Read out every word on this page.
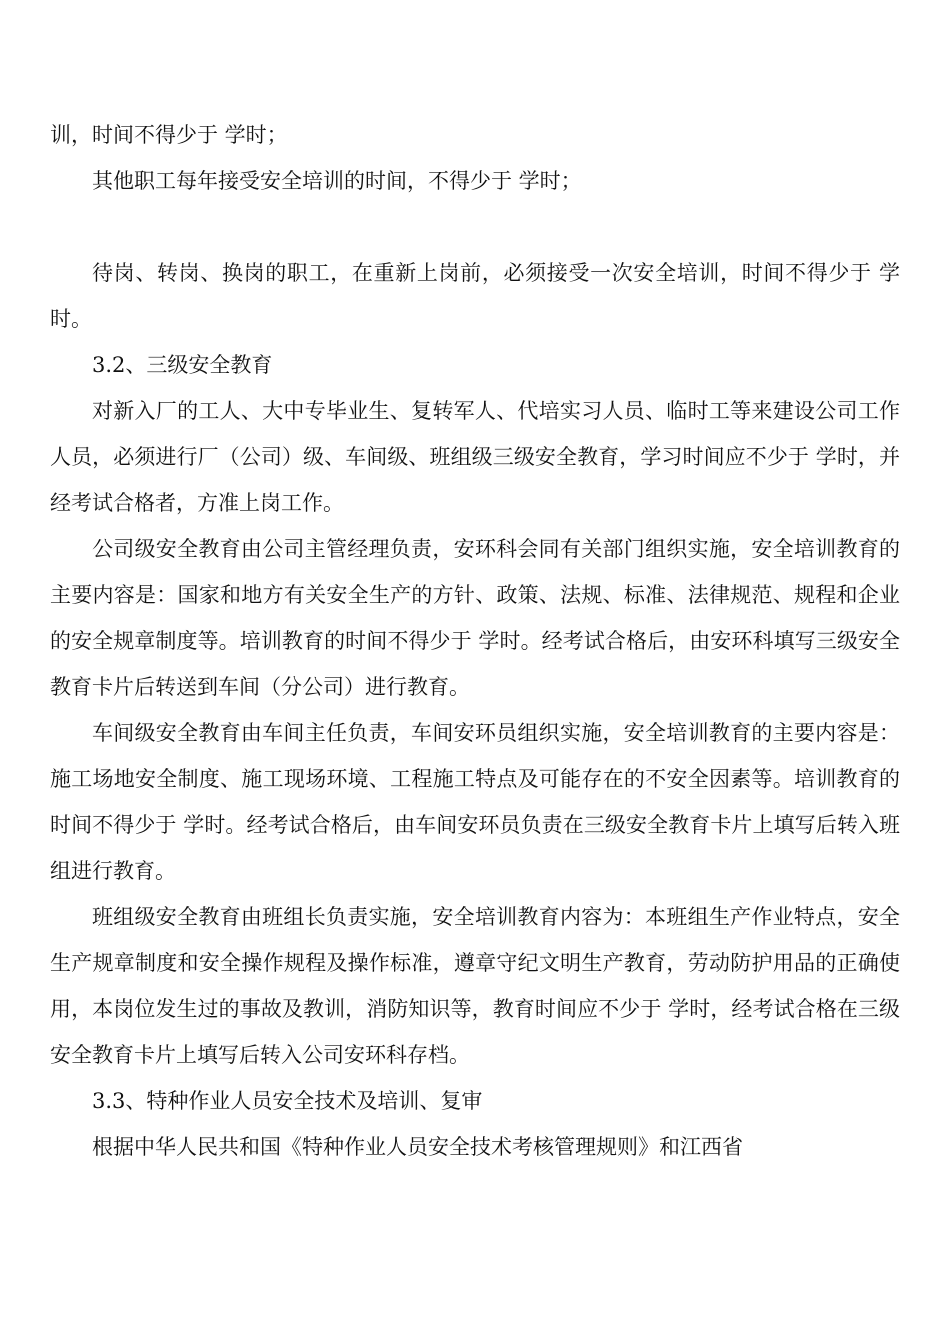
训，时间不得少于 学时；

其他职工每年接受安全培训的时间，不得少于 学时；

待岗、转岗、换岗的职工，在重新上岗前，必须接受一次安全培训，时间不得少于 学时。

3.2、三级安全教育

对新入厂的工人、大中专毕业生、复转军人、代培实习人员、临时工等来建设公司工作人员，必须进行厂（公司）级、车间级、班组级三级安全教育，学习时间应不少于 学时，并经考试合格者，方准上岗工作。

公司级安全教育由公司主管经理负责，安环科会同有关部门组织实施，安全培训教育的主要内容是：国家和地方有关安全生产的方针、政策、法规、标准、法律规范、规程和企业的安全规章制度等。培训教育的时间不得少于 学时。经考试合格后，由安环科填写三级安全教育卡片后转送到车间（分公司）进行教育。

车间级安全教育由车间主任负责，车间安环员组织实施，安全培训教育的主要内容是：施工场地安全制度、施工现场环境、工程施工特点及可能存在的不安全因素等。培训教育的时间不得少于 学时。经考试合格后，由车间安环员负责在三级安全教育卡片上填写后转入班组进行教育。

班组级安全教育由班组长负责实施，安全培训教育内容为：本班组生产作业特点，安全生产规章制度和安全操作规程及操作标准，遵章守纪文明生产教育，劳动防护用品的正确使用，本岗位发生过的事故及教训，消防知识等，教育时间应不少于 学时，经考试合格在三级安全教育卡片上填写后转入公司安环科存档。

3.3、特种作业人员安全技术及培训、复审

根据中华人民共和国《特种作业人员安全技术考核管理规则》和江西省
